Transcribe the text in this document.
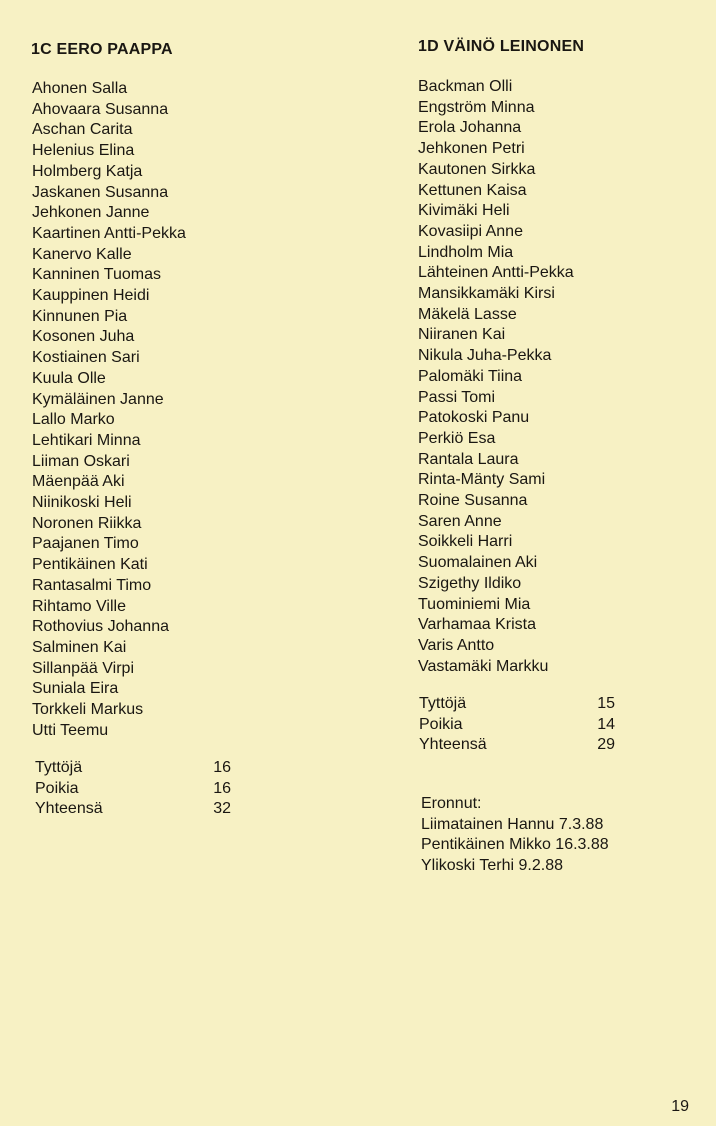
1C EERO PAAPPA
Ahonen Salla
Ahovaara Susanna
Aschan Carita
Helenius Elina
Holmberg Katja
Jaskanen Susanna
Jehkonen Janne
Kaartinen Antti-Pekka
Kanervo Kalle
Kanninen Tuomas
Kauppinen Heidi
Kinnunen Pia
Kosonen Juha
Kostiainen Sari
Kuula Olle
Kymäläinen Janne
Lallo Marko
Lehtikari Minna
Liiman Oskari
Mäenpää Aki
Niinikoski Heli
Noronen Riikka
Paajanen Timo
Pentikäinen Kati
Rantasalmi Timo
Rihtamo Ville
Rothovius Johanna
Salminen Kai
Sillanpää Virpi
Suniala Eira
Torkkeli Markus
Utti Teemu
Tyttöjä	16
Poikia	16
Yhteensä	32
1D VÄINÖ LEINONEN
Backman Olli
Engström Minna
Erola Johanna
Jehkonen Petri
Kautonen Sirkka
Kettunen Kaisa
Kivimäki Heli
Kovasiipi Anne
Lindholm Mia
Lähteinen Antti-Pekka
Mansikkamäki Kirsi
Mäkelä Lasse
Niiranen Kai
Nikula Juha-Pekka
Palomäki Tiina
Passi Tomi
Patokoski Panu
Perkiö Esa
Rantala Laura
Rinta-Mänty Sami
Roine Susanna
Saren Anne
Soikkeli Harri
Suomalainen Aki
Szigethy Ildiko
Tuominiemi Mia
Varhamaa Krista
Varis Antto
Vastamäki Markku
Tyttöjä	15
Poikia	14
Yhteensä	29
Eronnut:
Liimatainen Hannu 7.3.88
Pentikäinen Mikko 16.3.88
Ylikoski Terhi 9.2.88
19
